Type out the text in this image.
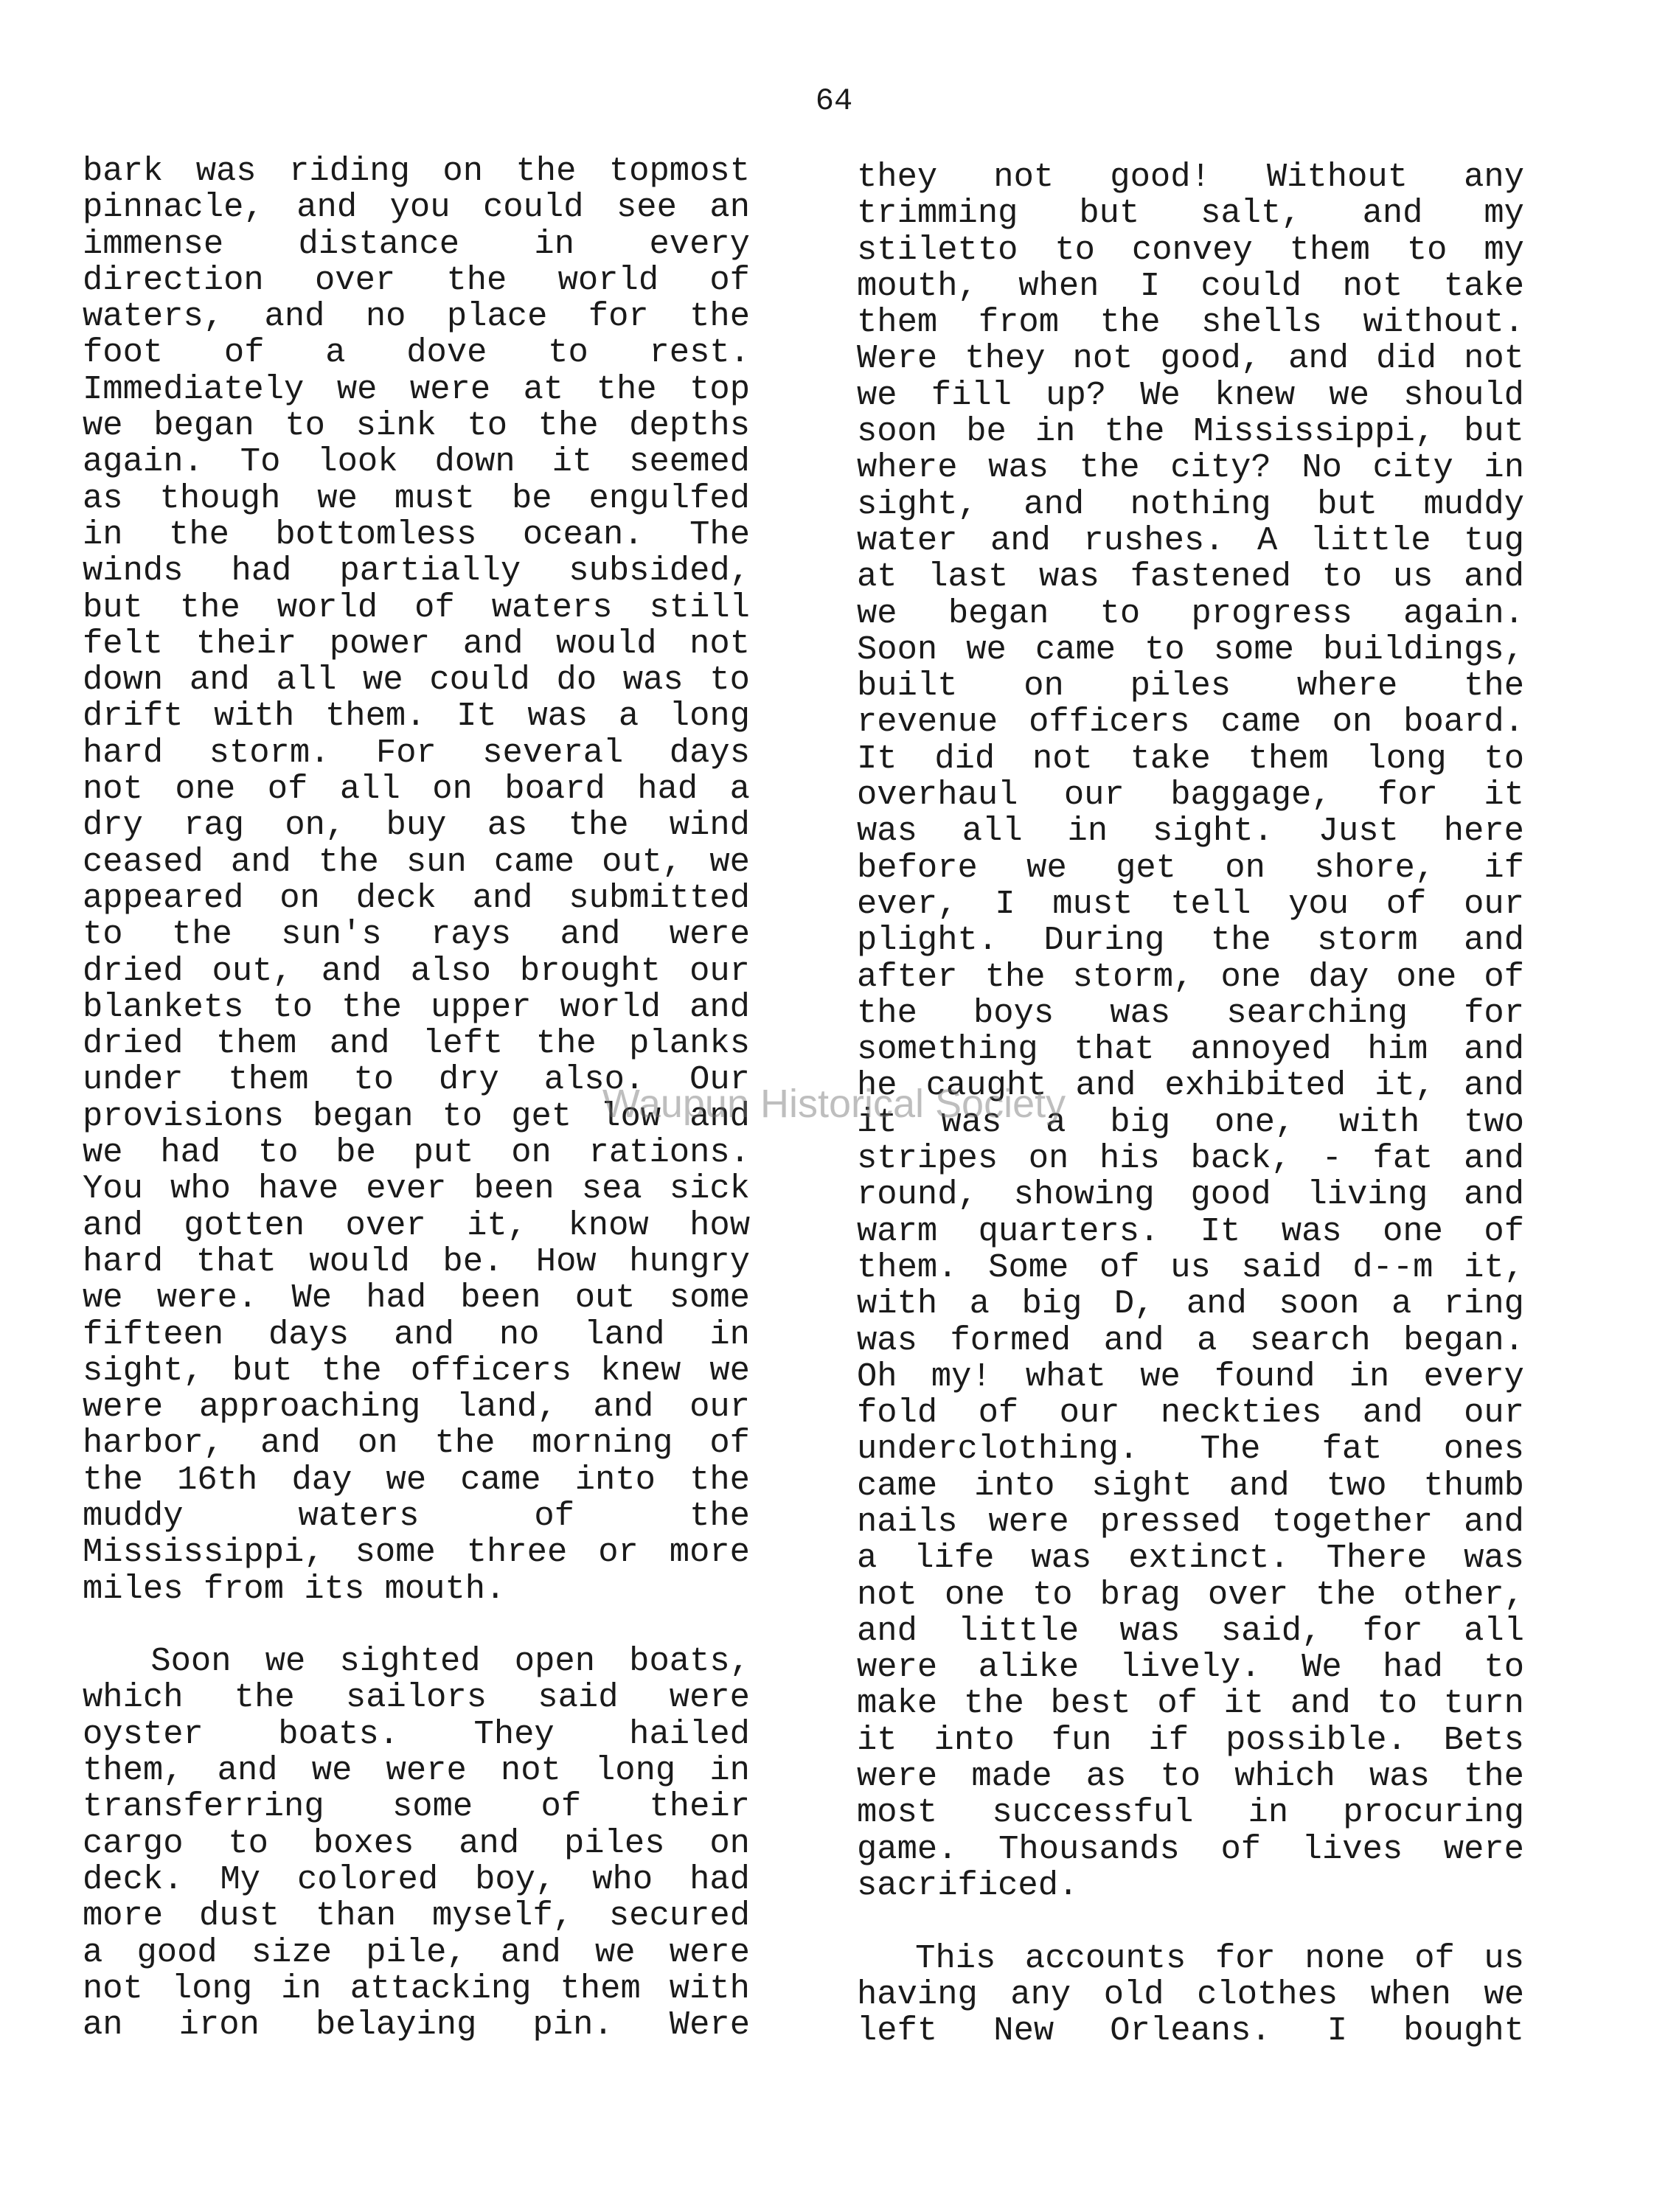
64
bark was riding on the topmost
pinnacle, and you could see an
immense distance in every
direction over the world of
waters, and no place for the
foot of a dove to rest.
Immediately we were at the top
we began to sink to the depths
again. To look down it seemed
as though we must be engulfed
in the bottomless ocean. The
winds had partially subsided,
but the world of waters still
felt their power and would not
down and all we could do was to
drift with them. It was a long
hard storm. For several days
not one of all on board had a
dry rag on, buy as the wind
ceased and the sun came out, we
appeared on deck and submitted
to the sun's rays and were
dried out, and also brought our
blankets to the upper world and
dried them and left the planks
under them to dry also. Our
provisions began to get low and
we had to be put on rations.
You who have ever been sea sick
and gotten over it, know how
hard that would be. How hungry
we were. We had been out some
fifteen days and no land in
sight, but the officers knew we
were approaching land, and our
harbor, and on the morning of
the 16th day we came into the
muddy waters of the
Mississippi, some three or more
miles from its mouth.
Soon we sighted open boats,
which the sailors said were
oyster boats. They hailed
them, and we were not long in
transferring some of their
cargo to boxes and piles on
deck. My colored boy, who had
more dust than myself, secured
a good size pile, and we were
not long in attacking them with
an iron belaying pin. Were
they not good! Without any
trimming but salt, and my
stiletto to convey them to my
mouth, when I could not take
them from the shells without.
Were they not good, and did not
we fill up? We knew we should
soon be in the Mississippi, but
where was the city? No city in
sight, and nothing but muddy
water and rushes. A little tug
at last was fastened to us and
we began to progress again.
Soon we came to some buildings,
built on piles where the
revenue officers came on board.
It did not take them long to
overhaul our baggage, for it
was all in sight. Just here
before we get on shore, if
ever, I must tell you of our
plight. During the storm and
after the storm, one day one of
the boys was searching for
something that annoyed him and
he caught and exhibited it, and
it was a big one, with two
stripes on his back, - fat and
round, showing good living and
warm quarters. It was one of
them. Some of us said d--m it,
with a big D, and soon a ring
was formed and a search began.
Oh my! what we found in every
fold of our neckties and our
underclothing. The fat ones
came into sight and two thumb
nails were pressed together and
a life was extinct. There was
not one to brag over the other,
and little was said, for all
were alike lively. We had to
make the best of it and to turn
it into fun if possible. Bets
were made as to which was the
most successful in procuring
game. Thousands of lives were
sacrificed.
This accounts for none of us
having any old clothes when we
left New Orleans. I bought
Waupun Historical Society
